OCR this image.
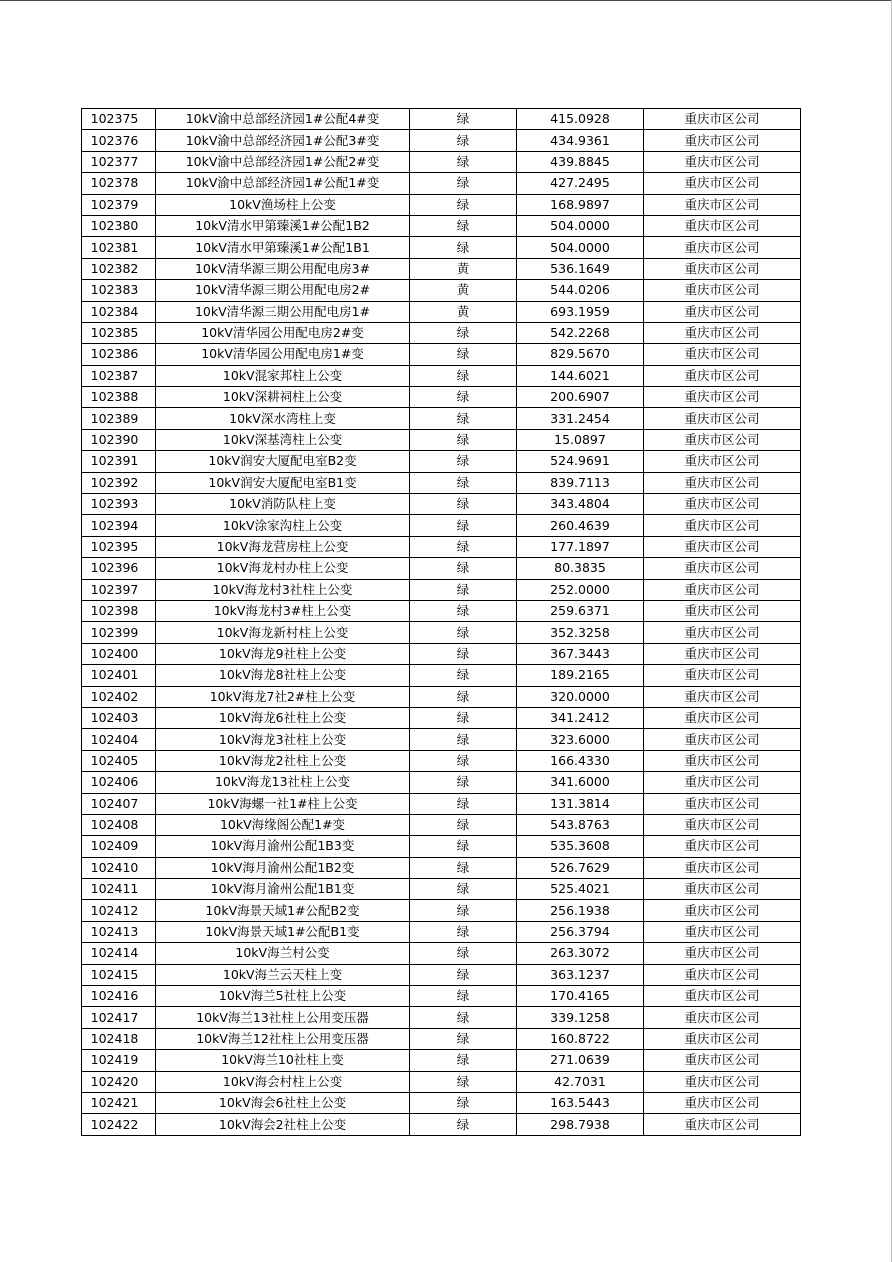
102375	10kV渝中总部经济园1#公配4#变	绿	415.0928	重庆市区公司
102376	10kV渝中总部经济园1#公配3#变	绿	434.9361	重庆市区公司
102377	10kV渝中总部经济园1#公配2#变	绿	439.8845	重庆市区公司
102378	10kV渝中总部经济园1#公配1#变	绿	427.2495	重庆市区公司
102379	10kV渔场柱上公变	绿	168.9897	重庆市区公司
102380	10kV清水甲第臻溪1#公配1B2	绿	504.0000	重庆市区公司
102381	10kV清水甲第臻溪1#公配1B1	绿	504.0000	重庆市区公司
102382	10kV清华源三期公用配电房3#	黄	536.1649	重庆市区公司
102383	10kV清华源三期公用配电房2#	黄	544.0206	重庆市区公司
102384	10kV清华源三期公用配电房1#	黄	693.1959	重庆市区公司
102385	10kV清华园公用配电房2#变	绿	542.2268	重庆市区公司
102386	10kV清华园公用配电房1#变	绿	829.5670	重庆市区公司
102387	10kV混家邦柱上公变	绿	144.6021	重庆市区公司
102388	10kV深耕祠柱上公变	绿	200.6907	重庆市区公司
102389	10kV深水湾柱上变	绿	331.2454	重庆市区公司
102390	10kV深基湾柱上公变	绿	15.0897	重庆市区公司
102391	10kV润安大厦配电室B2变	绿	524.9691	重庆市区公司
102392	10kV润安大厦配电室B1变	绿	839.7113	重庆市区公司
102393	10kV消防队柱上变	绿	343.4804	重庆市区公司
102394	10kV涂家沟柱上公变	绿	260.4639	重庆市区公司
102395	10kV海龙营房柱上公变	绿	177.1897	重庆市区公司
102396	10kV海龙村办柱上公变	绿	80.3835	重庆市区公司
102397	10kV海龙村3社柱上公变	绿	252.0000	重庆市区公司
102398	10kV海龙村3#柱上公变	绿	259.6371	重庆市区公司
102399	10kV海龙新村柱上公变	绿	352.3258	重庆市区公司
102400	10kV海龙9社柱上公变	绿	367.3443	重庆市区公司
102401	10kV海龙8社柱上公变	绿	189.2165	重庆市区公司
102402	10kV海龙7社2#柱上公变	绿	320.0000	重庆市区公司
102403	10kV海龙6社柱上公变	绿	341.2412	重庆市区公司
102404	10kV海龙3社柱上公变	绿	323.6000	重庆市区公司
102405	10kV海龙2社柱上公变	绿	166.4330	重庆市区公司
102406	10kV海龙13社柱上公变	绿	341.6000	重庆市区公司
102407	10kV海螺一社1#柱上公变	绿	131.3814	重庆市区公司
102408	10kV海缘阁公配1#变	绿	543.8763	重庆市区公司
102409	10kV海月渝州公配1B3变	绿	535.3608	重庆市区公司
102410	10kV海月渝州公配1B2变	绿	526.7629	重庆市区公司
102411	10kV海月渝州公配1B1变	绿	525.4021	重庆市区公司
102412	10kV海景天域1#公配B2变	绿	256.1938	重庆市区公司
102413	10kV海景天域1#公配B1变	绿	256.3794	重庆市区公司
102414	10kV海兰村公变	绿	263.3072	重庆市区公司
102415	10kV海兰云天柱上变	绿	363.1237	重庆市区公司
102416	10kV海兰5社柱上公变	绿	170.4165	重庆市区公司
102417	10kV海兰13社柱上公用变压器	绿	339.1258	重庆市区公司
102418	10kV海兰12社柱上公用变压器	绿	160.8722	重庆市区公司
102419	10kV海兰10社柱上变	绿	271.0639	重庆市区公司
102420	10kV海会村柱上公变	绿	42.7031	重庆市区公司
102421	10kV海会6社柱上公变	绿	163.5443	重庆市区公司
102422	10kV海会2社柱上公变	绿	298.7938	重庆市区公司
